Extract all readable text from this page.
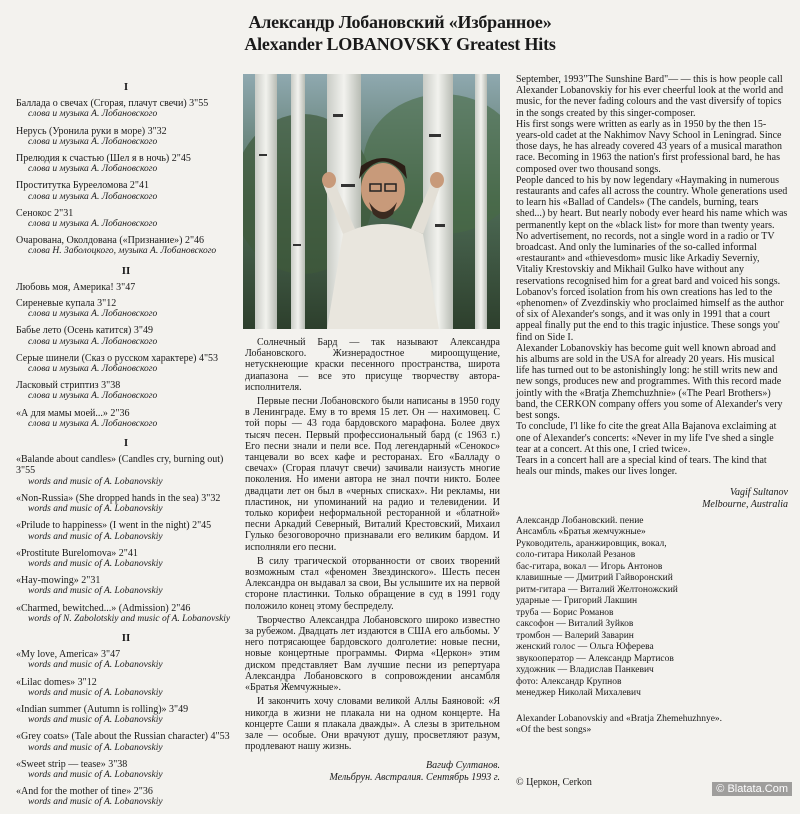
Александр Лобановский «Избранное»
Alexander LOBANOVSKY Greatest Hits
I
Баллада о свечах (Сгорая, плачут свечи) 3"55
слова и музыка А. Лобановского
Нерусь (Уронила руки в море) 3"32
слова и музыка А. Лобановского
Прелюдия к счастью (Шел я в ночь) 2"45
слова и музыка А. Лобановского
Проститутка Бурееломова 2"41
слова и музыка А. Лобановского
Сенокос 2"31
слова и музыка А. Лобановского
Очарована, Околдована («Признание») 2"46
слова Н. Заболоцкого, музыка А. Лобановского
II
Любовь моя, Америка! 3"47
Сиреневые купала 3"12
слова и музыка А. Лобановского
Бабье лето (Осень катится) 3"49
слова и музыка А. Лобановского
Серые шинели (Сказ о русском характере) 4"53
слова и музыка А. Лобановского
Ласковый стриптиз 3"38
слова и музыка А. Лобановского
«А для мамы моей...» 2"36
слова и музыка А. Лобановского
I
«Balande about candles» (Candles cry, burning out) 3"55
words and music of A. Lobanovskiy
«Non-Russia» (She dropped hands in the sea) 3"32
words and music of A. Lobanovskiy
«Prilude to happiness» (I went in the night) 2"45
words and music of A. Lobanovskiy
«Prostitute Burelomova» 2"41
words and music of A. Lobanovskiy
«Hay-mowing» 2"31
words and music of A. Lobanovskiy
«Charmed, bewitched...» (Admission) 2"46
words of N. Zabolotskiy and music of A. Lobanovskiy
II
«My love, America» 3"47
words and music of A. Lobanovskiy
«Lilac domes» 3"12
words and music of A. Lobanovskiy
«Indian summer (Autumn is rolling)» 3"49
words and music of A. Lobanovskiy
«Grey coats» (Tale about the Russian character) 4"53
words and music of A. Lobanovskiy
«Sweet strip — tease» 3"38
words and music of A. Lobanovskiy
«And for the mother of tine» 2"36
words and music of A. Lobanovskiy

Солнечный Бард — так называют Александра Лобановского. Жизнерадостное мироощущение, нетускнеющие краски песенного пространства, широта диапазона — все это присуще творчеству автора-исполнителя.

Первые песни Лобановского были написаны в 1950 году в Ленинграде. Ему в то время 15 лет. Он — нахимовец. С той поры — 43 года бардовского марафона. Более двух тысяч песен. Первый профессиональный бард (с 1963 г.) Его песни знали и пели все. Под легендарный «Сенокос» танцевали во всех кафе и ресторанах. Его «Балладу о свечах» (Сгорая плачут свечи) зачивали наизусть многие поколения. Но имени автора не знал почти никто. Более двадцати лет он был в «черных списках». Ни рекламы, ни пластинок, ни упоминаний на радио и телевидении. И только корифеи неформальной ресторанной и «блатной» песни Аркадий Северный, Виталий Крестовский, Михаил Гулько безоговорочно признавали его великим бардом. И исполняли его песни.

В силу трагической оторванности от своих творений возможным стал «феномен Звездинского». Шесть песен Александра он выдавал за свои, Вы услышите их на первой стороне пластинки. Только обращение в суд в 1991 году положило конец этому беспределу.

Творчество Александра Лобановского широко известно за рубежом. Двадцать лет издаются в США его альбомы. У него потрясающее бардовского долголетие: новые песни, новые концертные программы. Фирма «Церкон» этим диском представляет Вам лучшие песни из репертуара Александра Лобановского в сопровождении ансамбля «Братья Жемчужные».

И закончить хочу словами великой Аллы Баяновой: «Я никогда в жизни не плакала ни на одном концерте. На концерте Саши я плакала дважды». А слезы в зрительном зале — особые. Они врачуют душу, просветляют разум, продлевают нашу жизнь.

Вагиф Султанов.
Мельбрун. Австралия. Сентябрь 1993 г.

September, 1993"The Sunshine Bard"— — this is how people call Alexander Lobanovskiy for his ever cheerful look at the world and music, for the never fading colours and the vast diversify of topics in the songs created by this singer-composer.

His first songs were written as early as in 1950 by the then 15-years-old cadet at the Nakhimov Navy School in Leningrad. Since those days, he has already covered 43 years of a musical marathon race. Becoming in 1963 the nation's first professional bard, he has composed over two thousand songs.

People danced to his by now legendary «Haymaking in numerous restaurants and cafes all across the country. Whole generations used to learn his «Ballad of Candels» (The candels, burning, tears shed...) by heart. But nearly nobody ever heard his name which was permanently kept on the «black list» for more than twenty years. No advertisement, no records, not a single word in a radio or TV broadcast. And only the luminaries of the so-called informal «restaurant» and «thievesdom» music like Arkadiy Severniy, Vitaliy Krestovskiy and Mikhail Gulko have without any reservations recognised him for a great bard and voiced his songs. Lobanov's forced isolation from his own creations has led to the «phenomen» of Zvezdinskiy who proclaimed himself as the author of six of Alexander's songs, and it was only in 1991 that a court appeal finally put the end to this tragic injustice. These songs you' find on Side I.

Alexander Lobanovskiy has become guit well known abroad and his albums are sold in the USA for already 20 years. His musical life has turned out to be astonishingly long: he still writs new and new songs, produces new and programmes. With this record made jointly with the «Bratja Zhemchuzhnie» («The Pearl Brothers») band, the CERKON company offers you some of Alexander's very best songs.

To conclude, I'l like fo cite the great Alla Bajanova exclaiming at one of Alexander's concerts: «Never in my life I've shed a single tear at a concert. At this one, I cried twice».

Tears in a concert hall are a special kind of tears. The kind that heals our minds, makes our lives longer.

Vagif Sultanov
Melbourne, Australia
Александр Лобановский. пение
Ансамбль «Братья жемчужные»
Руководитель, аранжировщик, вокал,
соло-гитара Николай Резанов
бас-гитара, вокал — Игорь Антонов
клавишные — Дмитрий Гайворонский
ритм-гитара — Виталий Желтоножский
ударные — Григорий Лакшин
труба — Борис Романов
саксофон — Виталий Зуйков
тромбон — Валерий Заварин
женский голос — Ольга Юферева
звукооператор — Александр Мартисов
художник — Владислав Панкевич
фото: Александр Крупнов
менеджер Николай Михалевич
Alexander Lobanovskiy and «Bratja Zhemehuzhnye».
«Of the best songs»
© Церкон, Cerkon
© Blatata.Com
